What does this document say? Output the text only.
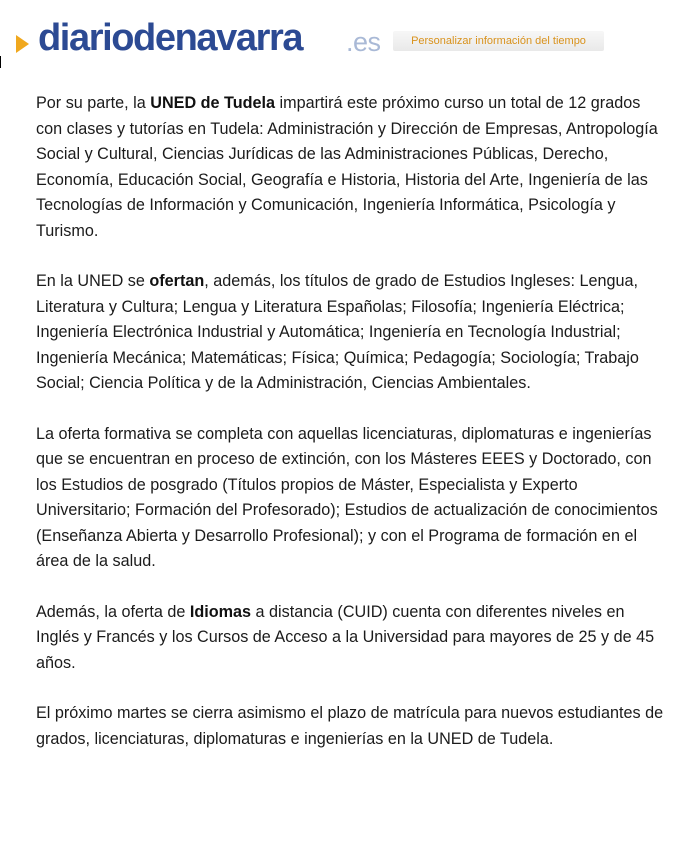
diariodenavarra .es	Personalizar información del tiempo

Por su parte, la UNED de Tudela impartirá este próximo curso un total de 12 grados con clases y tutorías en Tudela: Administración y Dirección de Empresas, Antropología Social y Cultural, Ciencias Jurídicas de las Administraciones Públicas, Derecho, Economía, Educación Social, Geografía e Historia, Historia del Arte, Ingeniería de las Tecnologías de Información y Comunicación, Ingeniería Informática, Psicología y Turismo.

En la UNED se ofertan, además, los títulos de grado de Estudios Ingleses: Lengua, Literatura y Cultura; Lengua y Literatura Españolas; Filosofía; Ingeniería Eléctrica; Ingeniería Electrónica Industrial y Automática; Ingeniería en Tecnología Industrial; Ingeniería Mecánica; Matemáticas; Física; Química; Pedagogía; Sociología; Trabajo Social; Ciencia Política y de la Administración, Ciencias Ambientales.

La oferta formativa se completa con aquellas licenciaturas, diplomaturas e ingenierías que se encuentran en proceso de extinción, con los Másteres EEES y Doctorado, con los Estudios de posgrado (Títulos propios de Máster, Especialista y Experto Universitario; Formación del Profesorado); Estudios de actualización de conocimientos (Enseñanza Abierta y Desarrollo Profesional); y con el Programa de formación en el área de la salud.

Además, la oferta de Idiomas a distancia (CUID) cuenta con diferentes niveles en Inglés y Francés y los Cursos de Acceso a la Universidad para mayores de 25 y de 45 años.

El próximo martes se cierra asimismo el plazo de matrícula para nuevos estudiantes de grados, licenciaturas, diplomaturas e ingenierías en la UNED de Tudela.
